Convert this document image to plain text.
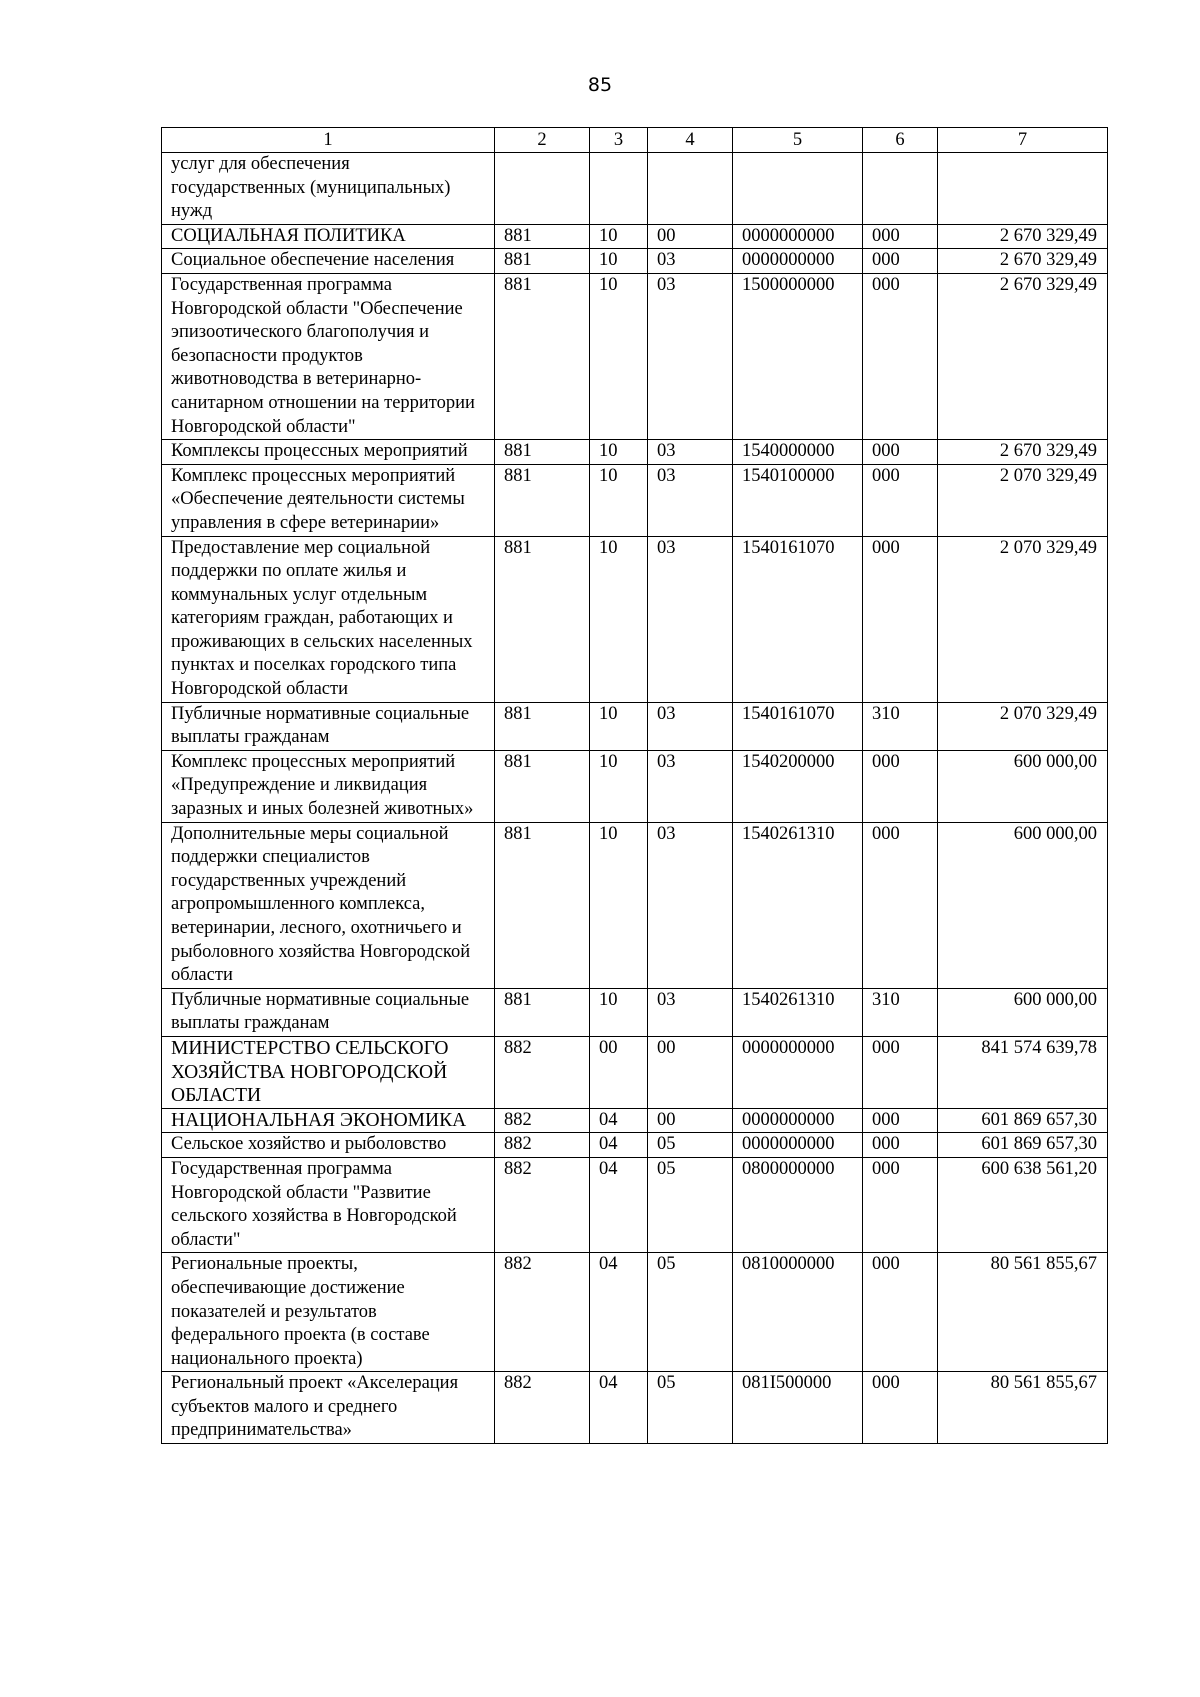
85
1	2	3	4	5	6	7
услуг для обеспечения государственных (муниципальных) нужд						
СОЦИАЛЬНАЯ ПОЛИТИКА	881	10	00	0000000000	000	2 670 329,49
Социальное обеспечение населения	881	10	03	0000000000	000	2 670 329,49
Государственная программа Новгородской области "Обеспечение эпизоотического благополучия и безопасности продуктов животноводства в ветеринарно-санитарном отношении на территории Новгородской области"	881	10	03	1500000000	000	2 670 329,49
Комплексы процессных мероприятий	881	10	03	1540000000	000	2 670 329,49
Комплекс процессных мероприятий «Обеспечение деятельности системы управления в сфере ветеринарии»	881	10	03	1540100000	000	2 070 329,49
Предоставление мер социальной поддержки по оплате жилья и коммунальных услуг отдельным категориям граждан, работающих и проживающих в сельских населенных пунктах и поселках городского типа Новгородской области	881	10	03	1540161070	000	2 070 329,49
Публичные нормативные социальные выплаты гражданам	881	10	03	1540161070	310	2 070 329,49
Комплекс процессных мероприятий «Предупреждение и ликвидация заразных и иных болезней животных»	881	10	03	1540200000	000	600 000,00
Дополнительные меры социальной поддержки специалистов государственных учреждений агропромышленного комплекса, ветеринарии, лесного, охотничьего и рыболовного хозяйства Новгородской области	881	10	03	1540261310	000	600 000,00
Публичные нормативные социальные выплаты гражданам	881	10	03	1540261310	310	600 000,00
МИНИСТЕРСТВО СЕЛЬСКОГО ХОЗЯЙСТВА НОВГОРОДСКОЙ ОБЛАСТИ	882	00	00	0000000000	000	841 574 639,78
НАЦИОНАЛЬНАЯ ЭКОНОМИКА	882	04	00	0000000000	000	601 869 657,30
Сельское хозяйство и рыболовство	882	04	05	0000000000	000	601 869 657,30
Государственная программа Новгородской области "Развитие сельского хозяйства в Новгородской области"	882	04	05	0800000000	000	600 638 561,20
Региональные проекты, обеспечивающие достижение показателей и результатов федерального проекта (в составе национального проекта)	882	04	05	0810000000	000	80 561 855,67
Региональный проект «Акселерация субъектов малого и среднего предпринимательства»	882	04	05	081I500000	000	80 561 855,67
